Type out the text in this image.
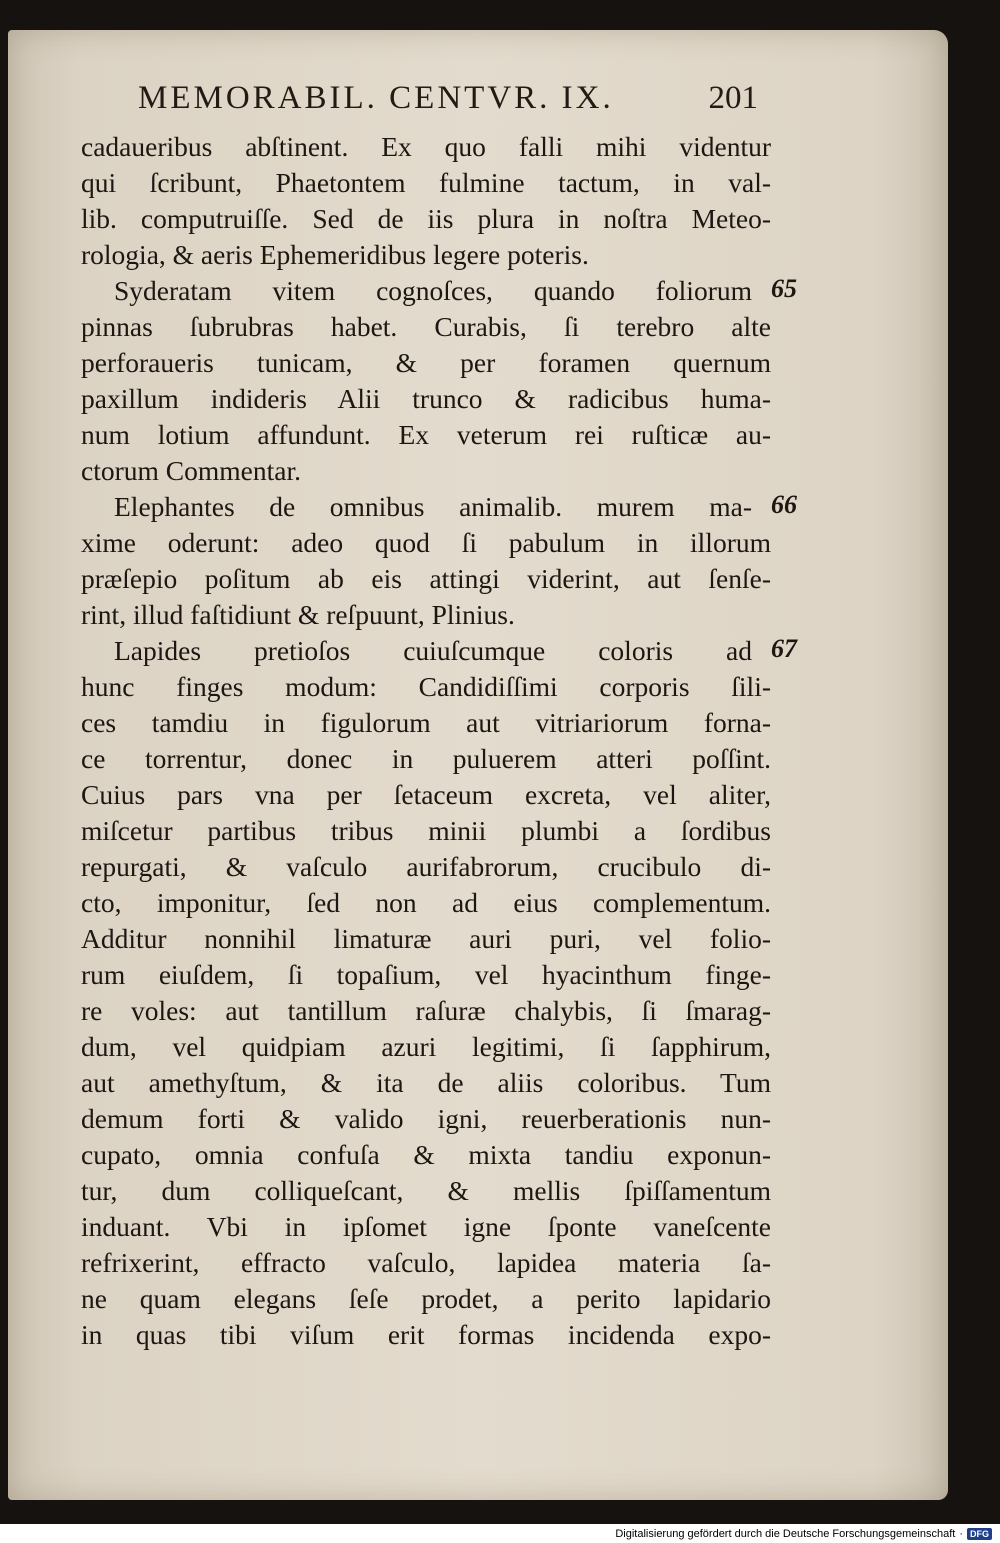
MEMORABIL. CENTVR. IX.	201
cadaueribus abſtinent. Ex quo falli mihi videntur
qui ſcribunt, Phaetontem fulmine tactum, in val-
lib. computruiſſe. Sed de iis plura in noſtra Meteo-
rologia, & aeris Ephemeridibus legere poteris.
Syderatam vitem cognoſces, quando foliorum 65
pinnas ſubrubras habet. Curabis, ſi terebro alte
perforaueris tunicam, & per foramen quernum
paxillum indideris Alii trunco & radicibus huma-
num lotium affundunt. Ex veterum rei ruſticæ au-
ctorum Commentar.
Elephantes de omnibus animalib. murem ma- 66
xime oderunt: adeo quod ſi pabulum in illorum
præſepio poſitum ab eis attingi viderint, aut ſenſe-
rint, illud faſtidiunt & reſpuunt, Plinius.
Lapides pretioſos cuiuſcumque coloris ad 67
hunc finges modum: Candidiſſimi corporis ſili-
ces tamdiu in figulorum aut vitriariorum forna-
ce torrentur, donec in puluerem atteri poſſint.
Cuius pars vna per ſetaceum excreta, vel aliter,
miſcetur partibus tribus minii plumbi a ſordibus
repurgati, & vaſculo aurifabrorum, crucibulo di-
cto, imponitur, ſed non ad eius complementum.
Additur nonnihil limaturæ auri puri, vel folio-
rum eiuſdem, ſi topaſium, vel hyacinthum finge-
re voles: aut tantillum raſuræ chalybis, ſi ſmarag-
dum, vel quidpiam azuri legitimi, ſi ſapphirum,
aut amethyſtum, & ita de aliis coloribus. Tum
demum forti & valido igni, reuerberationis nun-
cupato, omnia confuſa & mixta tandiu exponun-
tur, dum colliqueſcant, & mellis ſpiſſamentum
induant. Vbi in ipſomet igne ſponte vaneſcente
refrixerint, effracto vaſculo, lapidea materia ſa-
ne quam elegans ſeſe prodet, a perito lapidario
in quas tibi viſum erit formas incidenda expo-
Digitalisierung gefördert durch die Deutsche Forschungsgemeinschaft · DFG
